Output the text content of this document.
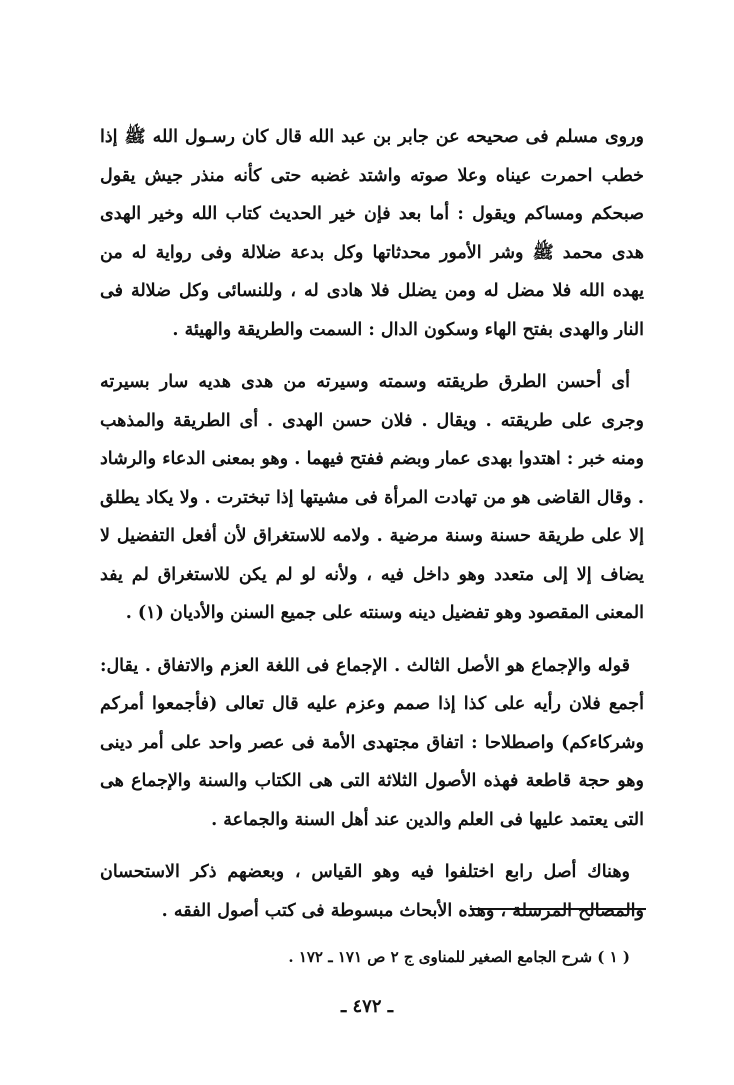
وروى مسلم فى صحيحه عن جابر بن عبد الله قال كان رسـول الله ﷺ إذا خطب احمرت عيناه وعلا صوته واشتد غضبه حتى كأنه منذر جيش يقول صبحكم ومساكم ويقول : أما بعد فإن خير الحديث كتاب الله وخير الهدى هدى محمد ﷺ وشر الأمور محدثاتها وكل بدعة ضلالة وفى رواية له من يهده الله فلا مضل له ومن يضلل فلا هادى له ، وللنسائى وكل ضلالة فى النار والهدى بفتح الهاء وسكون الدال : السمت والطريقة والهيئة .

أى أحسن الطرق طريقته وسمته وسيرته من هدى هديه سار بسيرته وجرى على طريقته . ويقال . فلان حسن الهدى . أى الطريقة والمذهب ومنه خبر : اهتدوا بهدى عمار وبضم ففتح فيهما . وهو بمعنى الدعاء والرشاد . وقال القاضى هو من تهادت المرأة فى مشيتها إذا تبخترت . ولا يكاد يطلق إلا على طريقة حسنة وسنة مرضية . ولامه للاستغراق لأن أفعل التفضيل لا يضاف إلا إلى متعدد وهو داخل فيه ، ولأنه لو لم يكن للاستغراق لم يفد المعنى المقصود وهو تفضيل دينه وسنته على جميع السنن والأديان (١) .

قوله والإجماع هو الأصل الثالث . الإجماع فى اللغة العزم والاتفاق . يقال: أجمع فلان رأيه على كذا إذا صمم وعزم عليه قال تعالى (فأجمعوا أمركم وشركاءكم) واصطلاحا : اتفاق مجتهدى الأمة فى عصر واحد على أمر دينى وهو حجة قاطعة فهذه الأصول الثلاثة التى هى الكتاب والسنة والإجماع هى التى يعتمد عليها فى العلم والدين عند أهل السنة والجماعة .

وهناك أصل رابع اختلفوا فيه وهو القياس ، وبعضهم ذكر الاستحسان والمصالح المرسلة ، وهذه الأبحاث مبسوطة فى كتب أصول الفقه .

( ١ ) شرح الجامع الصغير للمناوى ج ٢ ص ١٧١ ـ ١٧٢ .
ـ ٤٧٢ ـ
